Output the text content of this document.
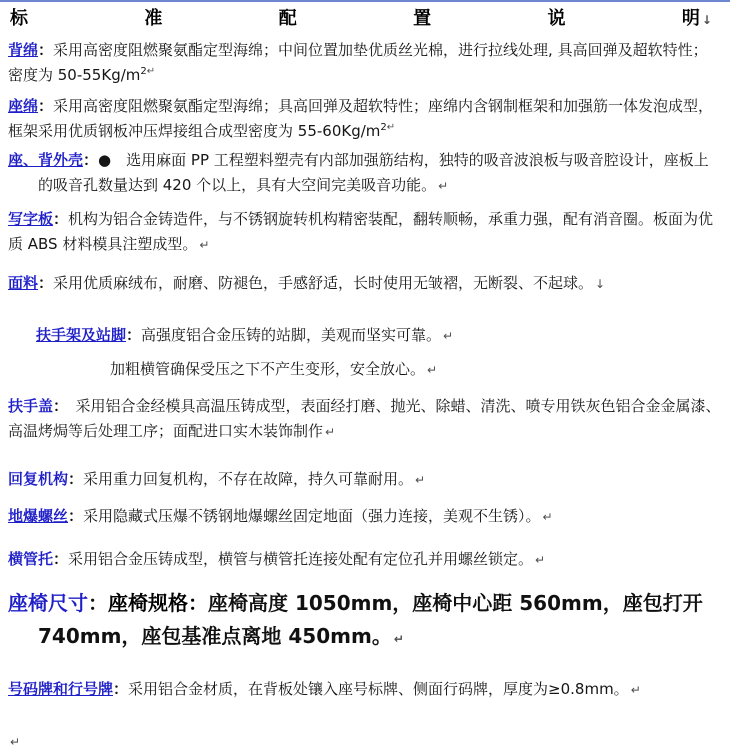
标	准	配	置	说	明 ↓

背绵：采用高密度阻燃聚氨酯定型海绵；中间位置加垫优质丝光棉，进行拉线处理, 具高回弹及超软特性；密度为 $50-55Kg/m^{2↵}$

座绵：采用高密度阻燃聚氨酯定型海绵；具高回弹及超软特性；座绵内含钢制框架和加强筋一体发泡成型，框架采用优质钢板冲压焊接组合成型密度为 $55-60Kg/m^{2↵}$

座、背外壳：●　选用麻面 PP 工程塑料塑壳有内部加强筋结构，独特的吸音波浪板与吸音腔设计，座板上的吸音孔数量达到 420 个以上，具有大空间完美吸音功能。 ↵

写字板：机构为铝合金铸造件，与不锈钢旋转机构精密装配，翻转顺畅，承重力强，配有消音圈。板面为优质 ABS 材料模具注塑成型。 ↵

面料：采用优质麻绒布，耐磨、防褪色，手感舒适，长时使用无皱褶，无断裂、不起球。 ↓

扶手架及站脚：高强度铝合金压铸的站脚，美观而坚实可靠。 ↵

加粗横管确保受压之下不产生变形，安全放心。 ↵

扶手盖：　采用铝合金经模具高温压铸成型，表面经打磨、抛光、除蜡、清洗、喷专用铁灰色铝合金金属漆、高温烤焗等后处理工序；面配进口实木装饰制作 ↵

回复机构：采用重力回复机构，不存在故障，持久可靠耐用。 ↵

地爆螺丝：采用隐藏式压爆不锈钢地爆螺丝固定地面（强力连接，美观不生锈）。 ↵

横管托：采用铝合金压铸成型，横管与横管托连接处配有定位孔并用螺丝锁定。 ↵

座椅尺寸：座椅规格：座椅高度 1050mm，座椅中心距 560mm，座包打开 740mm，座包基准点离地 450mm。 ↵

号码牌和行号牌：采用铝合金材质，在背板处镶入座号标牌、侧面行码牌，厚度为≥0.8mm。 ↵

↵
